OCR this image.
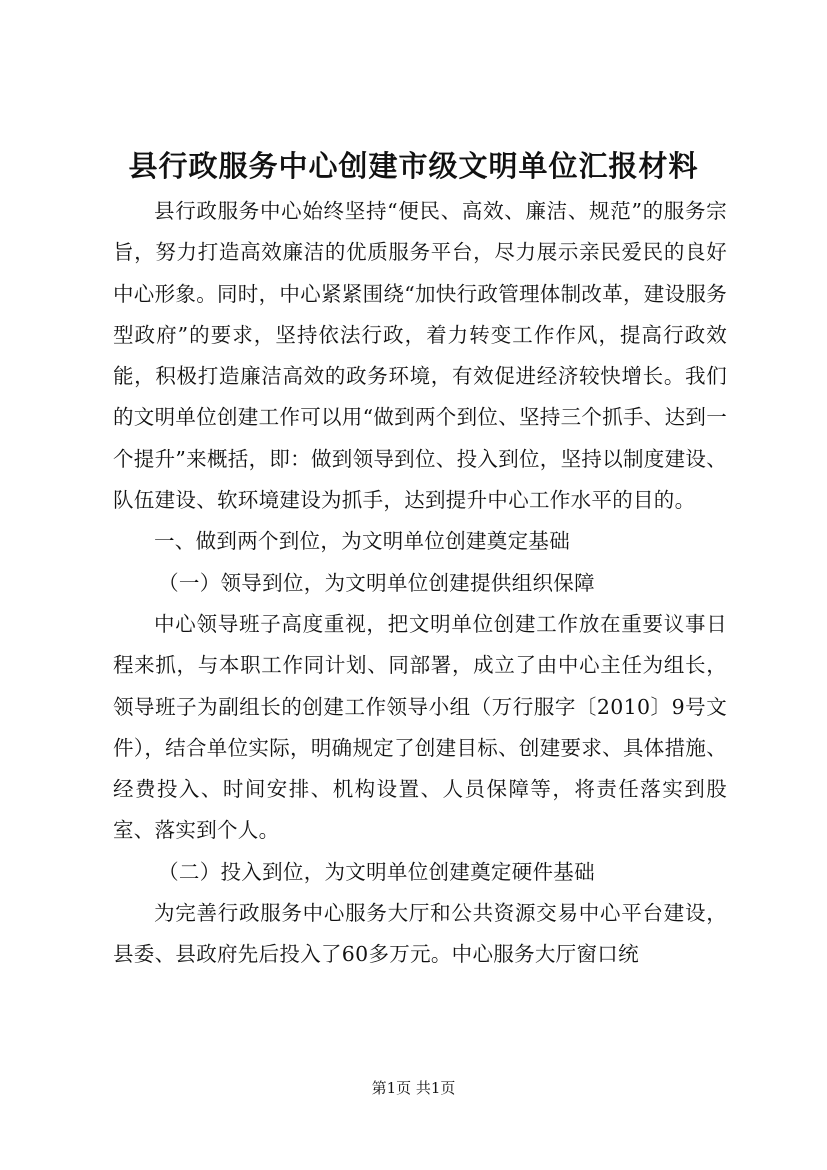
县行政服务中心创建市级文明单位汇报材料

县行政服务中心始终坚持“便民、高效、廉洁、规范”的服务宗旨，努力打造高效廉洁的优质服务平台，尽力展示亲民爱民的良好中心形象。同时，中心紧紧围绕“加快行政管理体制改革，建设服务型政府”的要求，坚持依法行政，着力转变工作作风，提高行政效能，积极打造廉洁高效的政务环境，有效促进经济较快增长。我们的文明单位创建工作可以用“做到两个到位、坚持三个抓手、达到一个提升”来概括，即：做到领导到位、投入到位，坚持以制度建设、队伍建设、软环境建设为抓手，达到提升中心工作水平的目的。

一、做到两个到位，为文明单位创建奠定基础

（一）领导到位，为文明单位创建提供组织保障

中心领导班子高度重视，把文明单位创建工作放在重要议事日程来抓，与本职工作同计划、同部署，成立了由中心主任为组长，领导班子为副组长的创建工作领导小组（万行服字〔2010〕9号文件），结合单位实际，明确规定了创建目标、创建要求、具体措施、经费投入、时间安排、机构设置、人员保障等，将责任落实到股室、落实到个人。

（二）投入到位，为文明单位创建奠定硬件基础

为完善行政服务中心服务大厅和公共资源交易中心平台建设，县委、县政府先后投入了60多万元。中心服务大厅窗口统

第1页 共1页
